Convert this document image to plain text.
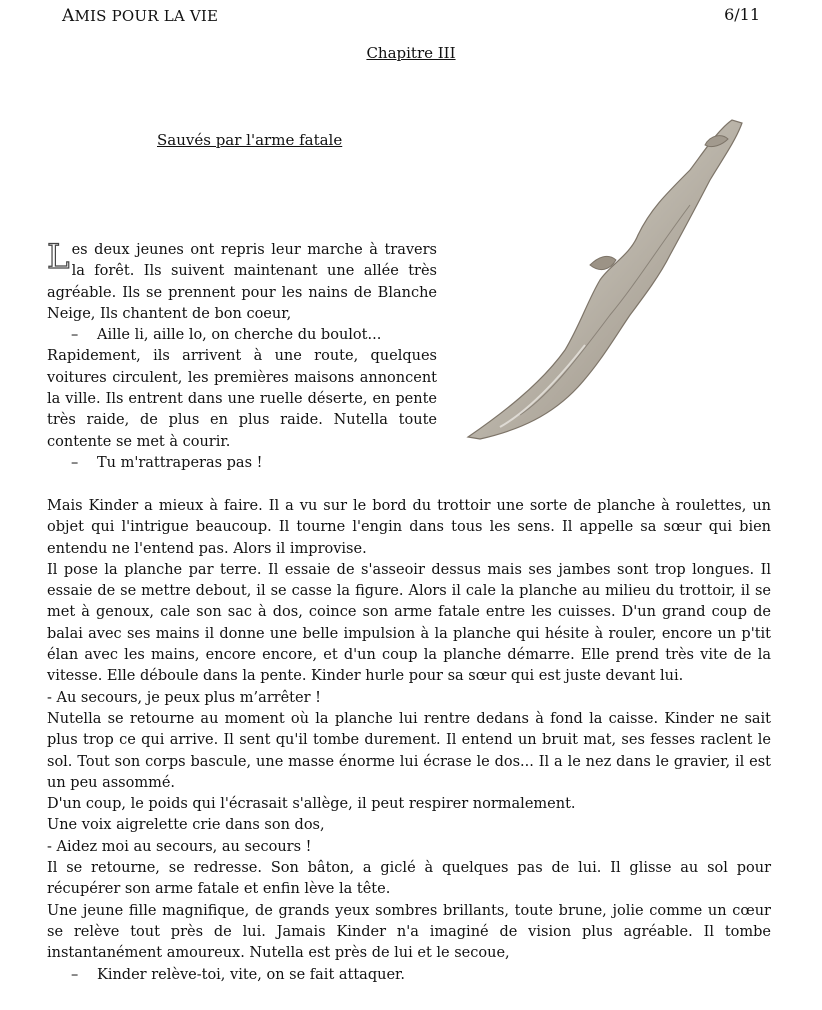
AMIS POUR LA VIE	6/11
Chapitre III
Sauvés par l'arme fatale

Les deux jeunes ont repris leur marche à travers la forêt. Ils suivent maintenant une allée très agréable. Ils se prennent pour les nains de Blanche Neige, Ils chantent de bon coeur,

– Aille li, aille lo, on cherche du boulot...

Rapidement, ils arrivent à une route, quelques voitures circulent, les premières maisons annoncent la ville. Ils entrent dans une ruelle déserte, en pente très raide, de plus en plus raide. Nutella toute contente se met à courir.

– Tu m'rattraperas pas !

Mais Kinder a mieux à faire. Il a vu sur le bord du trottoir une sorte de planche à roulettes, un objet qui l'intrigue beaucoup. Il tourne l'engin dans tous les sens. Il appelle sa sœur qui bien entendu ne l'entend pas. Alors il improvise.

Il pose la planche par terre. Il essaie de s'asseoir dessus mais ses jambes sont trop longues. Il essaie de se mettre debout, il se casse la figure. Alors il cale la planche au milieu du trottoir, il se met à genoux, cale son sac à dos, coince son arme fatale entre les cuisses. D'un grand coup de balai avec ses mains il donne une belle impulsion à la planche qui hésite à rouler, encore un p'tit élan avec les mains, encore encore, et d'un coup la planche démarre. Elle prend très vite de la vitesse. Elle déboule dans la pente. Kinder hurle pour sa sœur qui est juste devant lui.

- Au secours, je peux plus m’arrêter !

Nutella se retourne au moment où la planche lui rentre dedans à fond la caisse. Kinder ne sait plus trop ce qui arrive. Il sent qu'il tombe durement. Il entend un bruit mat, ses fesses raclent le sol. Tout son corps bascule, une masse énorme lui écrase le dos... Il a le nez dans le gravier, il est un peu assommé.

D'un coup, le poids qui l'écrasait s'allège, il peut respirer normalement.

Une voix aigrelette crie dans son dos,

- Aidez moi au secours, au secours !

Il se retourne, se redresse. Son bâton, a giclé à quelques pas de lui. Il glisse au sol pour récupérer son arme fatale et enfin lève la tête.

Une jeune fille magnifique, de grands yeux sombres brillants, toute brune, jolie comme un cœur se relève tout près de lui. Jamais Kinder n'a imaginé de vision plus agréable. Il tombe instantanément amoureux. Nutella est près de lui et le secoue,

– Kinder relève-toi, vite, on se fait attaquer.
